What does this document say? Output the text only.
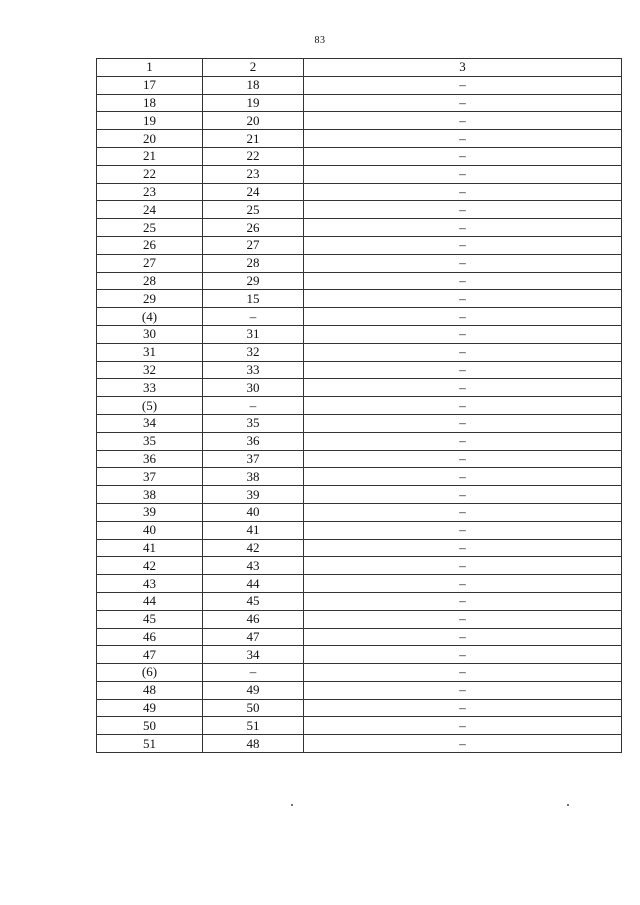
83
1	2	3
17	18	–
18	19	–
19	20	–
20	21	–
21	22	–
22	23	–
23	24	–
24	25	–
25	26	–
26	27	–
27	28	–
28	29	–
29	15	–
(4)	–	–
30	31	–
31	32	–
32	33	–
33	30	–
(5)	–	–
34	35	–
35	36	–
36	37	–
37	38	–
38	39	–
39	40	–
40	41	–
41	42	–
42	43	–
43	44	–
44	45	–
45	46	–
46	47	–
47	34	–
(6)	–	–
48	49	–
49	50	–
50	51	–
51	48	–
